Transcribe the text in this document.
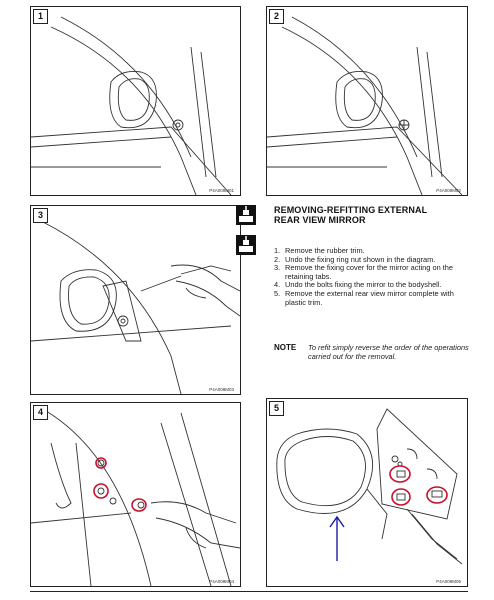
1
P4A009M01
2
P4A009M02
3
P4A009M03
4
P4A009M04
5
P4A009M05
REMOVING-REFITTING EXTERNAL
REAR VIEW MIRROR
1. Remove the rubber trim.
2. Undo the fixing ring nut shown in the diagram.
3. Remove the fixing cover for the mirror acting on the retaining tabs.
4. Undo the bolts fixing the mirror to the bodyshell.
5. Remove the external rear view mirror complete with plastic trim.
NOTE To refit simply reverse the order of the operations carried out for the removal.
